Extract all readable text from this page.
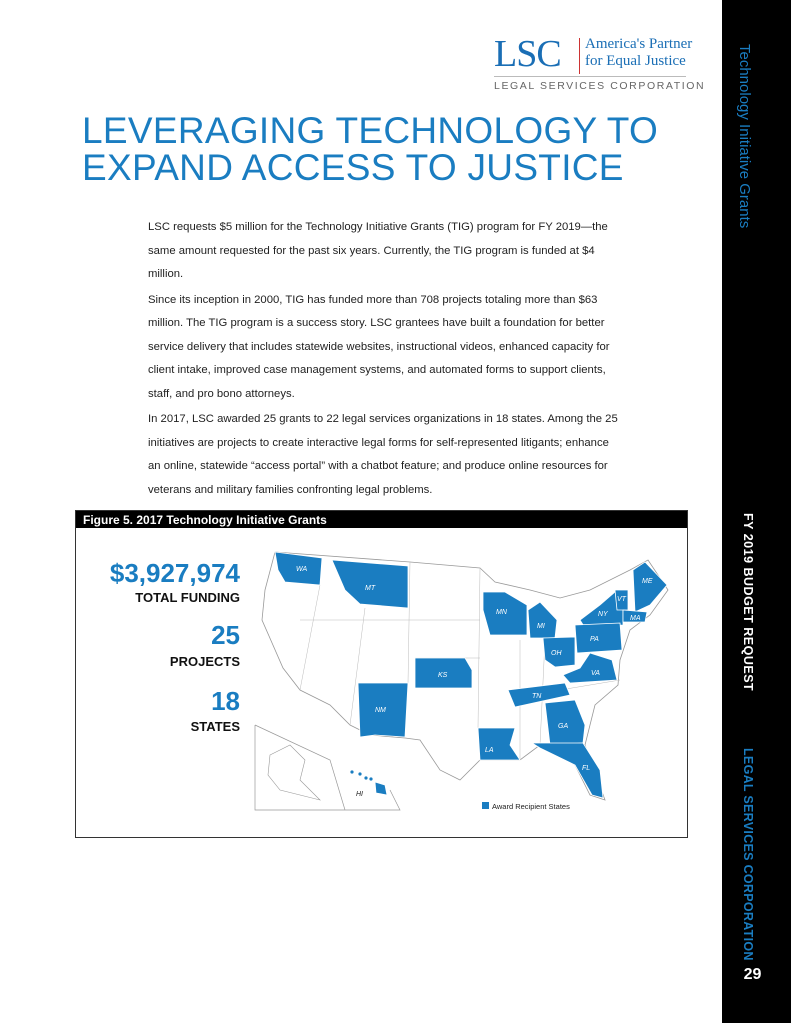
LSC America's Partner
for Equal Justice
LEGAL SERVICES CORPORATION
LEVERAGING TECHNOLOGY TO
EXPAND ACCESS TO JUSTICE

LSC requests $5 million for the Technology Initiative Grants (TIG) program for FY 2019—the same amount requested for the past six years. Currently, the TIG program is funded at $4 million.

Since its inception in 2000, TIG has funded more than 708 projects totaling more than $63 million. The TIG program is a success story. LSC grantees have built a foundation for better service delivery that includes statewide websites, instructional videos, enhanced capacity for client intake, improved case management systems, and automated forms to support clients, staff, and pro bono attorneys.

In 2017, LSC awarded 25 grants to 22 legal services organizations in 18 states. Among the 25 initiatives are projects to create interactive legal forms for self-represented litigants; enhance an online, statewide “access portal” with a chatbot feature; and produce online resources for veterans and military families confronting legal problems.

Figure 5. 2017 Technology Initiative Grants
$3,927,974
TOTAL FUNDING
25
PROJECTS
18
STATES
WA
MT
MN
MI
NY
VT
ME
MA
PA
OH
VA
TN
KS
NM
GA
FL
LA
HI
Award Recipient States
Technology Initiative Grants
FY 2019 BUDGET REQUEST
LEGAL SERVICES CORPORATION
29
